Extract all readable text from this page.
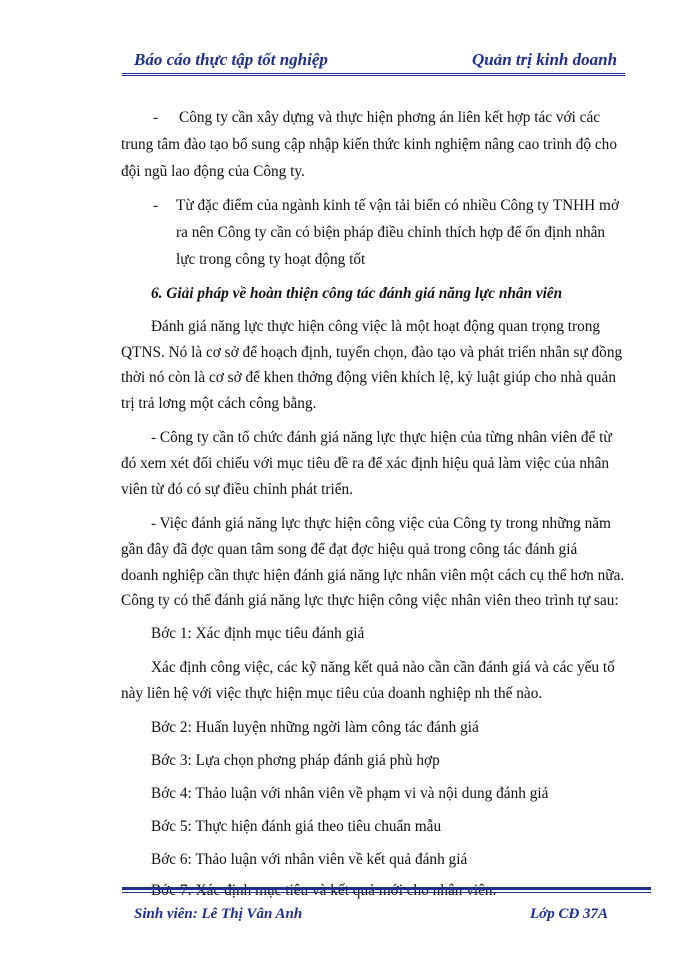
Báo cáo thực tập tốt nghiệp	Quản trị kinh doanh
- Công ty cần xây dựng và thực hiện phơng án liên kết hợp tác với các
trung tâm đào tạo bổ sung cập nhập kiến thức kinh nghiệm nâng cao trình độ cho
đội ngũ lao động của Công ty.
- Từ đặc điểm của ngành kinh tế vận tải biển có nhiều Công ty TNHH mở
ra nên Công ty cần có biện pháp điều chỉnh thích hợp để ổn định nhân
lực trong công ty hoạt động tốt
6. Giải pháp về hoàn thiện công tác đánh giá năng lực nhân viên
Đánh giá năng lực thực hiện công việc là một hoạt động quan trọng trong
QTNS. Nó là cơ sở để hoạch định, tuyển chọn, đào tạo và phát triển nhân sự đồng
thời nó còn là cơ sở để khen thởng động viên khích lệ, kỷ luật giúp cho nhà quản
trị trả lơng một cách công bằng.
- Công ty cần tổ chức đánh giá năng lực thực hiện của từng nhân viên để từ
đó xem xét đối chiếu với mục tiêu đề ra để xác định hiệu quả làm việc của nhân
viên từ đó có sự điều chỉnh phát triển.
- Việc đánh giá năng lực thực hiện công việc của Công ty trong những năm
gần đây đã đợc quan tâm song để đạt đợc hiệu quả trong công tác đánh giá
doanh nghiệp cần thực hiện đánh giá năng lực nhân viên một cách cụ thể hơn nữa.
Công ty có thể đánh giá năng lực thực hiện công việc nhân viên theo trình tự sau:
Bớc 1: Xác định mục tiêu đánh giá
Xác định công việc, các kỹ năng kết quả nào cần cần đánh giá và các yếu tố
này liên hệ với việc thực hiện mục tiêu của doanh nghiệp nh thế nào.
Bớc 2: Huấn luyện những ngời làm công tác đánh giá
Bớc 3: Lựa chọn phơng pháp đánh giá phù hợp
Bớc 4: Thảo luận với nhân viên về phạm vi và nội dung đánh giá
Bớc 5: Thực hiện đánh giá theo tiêu chuẩn mẫu
Bớc 6: Thảo luận với nhân viên về kết quả đánh giá
Bớc 7: Xác định mục tiêu và kết quả mới cho nhân viên.
Sinh viên: Lê Thị Vân Anh	Lớp CĐ 37A
